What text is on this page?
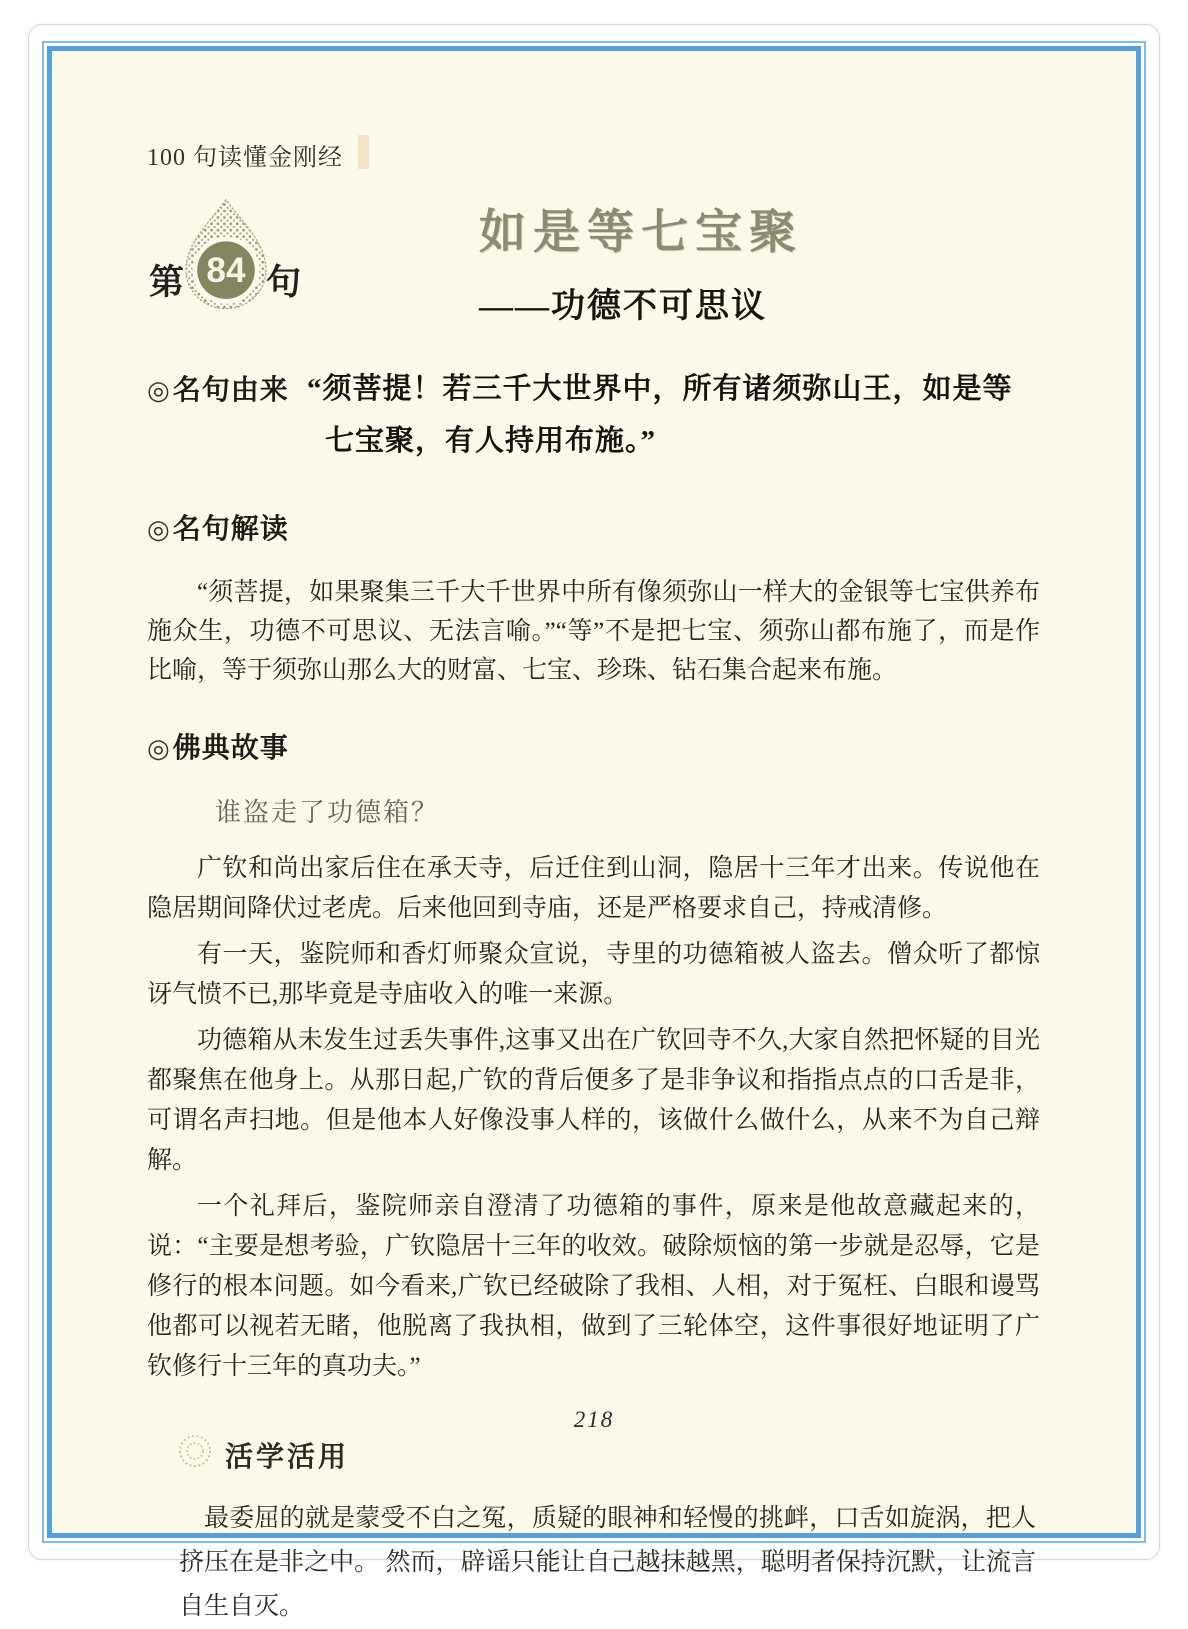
100 句读懂金刚经
第 84 句
如是等七宝聚
——功德不可思议
◎ 名句由来 “须菩提！若三千大世界中，所有诸须弥山王，如是等
七宝聚，有人持用布施。”
◎ 名句解读

“须菩提，如果聚集三千大千世界中所有像须弥山一样大的金银等七宝供养布施众生，功德不可思议、无法言喻。”“等”不是把七宝、须弥山都布施了，而是作比喻，等于须弥山那么大的财富、七宝、珍珠、钻石集合起来布施。

◎ 佛典故事
谁盗走了功德箱？

广钦和尚出家后住在承天寺，后迁住到山洞，隐居十三年才出来。传说他在隐居期间降伏过老虎。后来他回到寺庙，还是严格要求自己，持戒清修。

有一天，鉴院师和香灯师聚众宣说，寺里的功德箱被人盗去。僧众听了都惊讶气愤不已,那毕竟是寺庙收入的唯一来源。

功德箱从未发生过丢失事件,这事又出在广钦回寺不久,大家自然把怀疑的目光都聚焦在他身上。从那日起,广钦的背后便多了是非争议和指指点点的口舌是非，可谓名声扫地。但是他本人好像没事人样的，该做什么做什么，从来不为自己辩解。

一个礼拜后，鉴院师亲自澄清了功德箱的事件，原来是他故意藏起来的，说：“主要是想考验，广钦隐居十三年的收效。破除烦恼的第一步就是忍辱，它是修行的根本问题。如今看来,广钦已经破除了我相、人相，对于冤枉、白眼和谩骂他都可以视若无睹，他脱离了我执相，做到了三轮体空，这件事很好地证明了广钦修行十三年的真功夫。”

活学活用

最委屈的就是蒙受不白之冤，质疑的眼神和轻慢的挑衅，口舌如旋涡，把人挤压在是非之中。 然而，辟谣只能让自己越抹越黑，聪明者保持沉默，让流言自生自灭。

218
